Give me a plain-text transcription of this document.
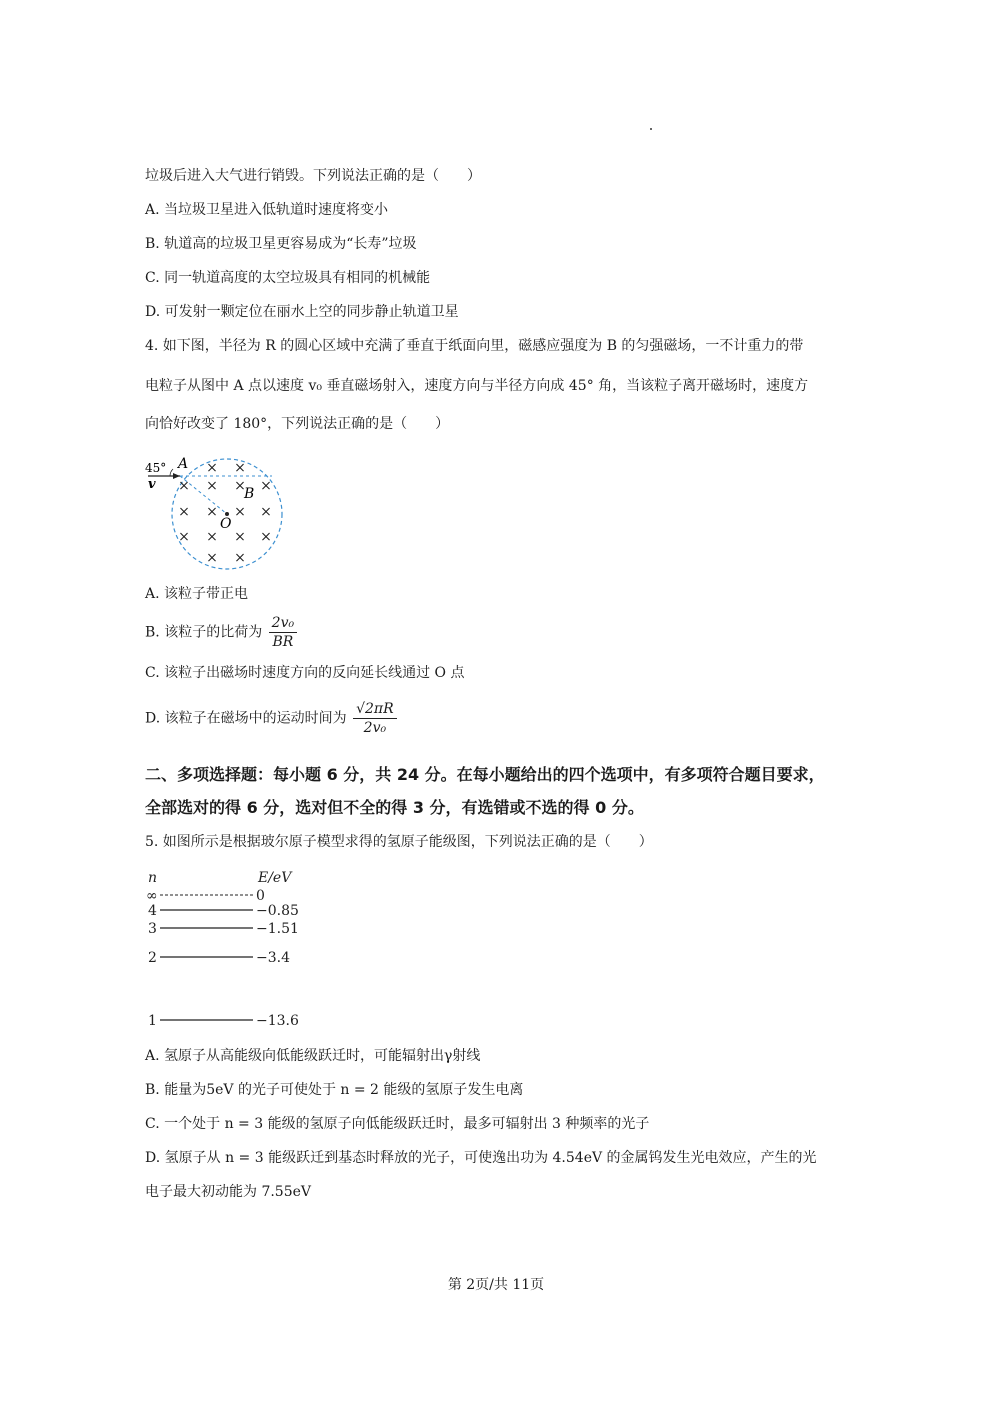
垃圾后进入大气进行销毁。下列说法正确的是（　　）
A. 当垃圾卫星进入低轨道时速度将变小
B. 轨道高的垃圾卫星更容易成为“长寿”垃圾
C. 同一轨道高度的太空垃圾具有相同的机械能
D. 可发射一颗定位在丽水上空的同步静止轨道卫星
4. 如下图，半径为 R 的圆心区域中充满了垂直于纸面向里，磁感应强度为 B 的匀强磁场，一不计重力的带
电粒子从图中 A 点以速度 v₀ 垂直磁场射入，速度方向与半径方向成 45° 角，当该粒子离开磁场时，速度方
向恰好改变了 180°，下列说法正确的是（　　）
× ×
× × × ×
× × × ×
× × × ×
× ×
45° A
B
O
v
A. 该粒子带正电
B. 该粒子的比荷为 $\frac{\text{2v₀}}{BR}$
C. 该粒子出磁场时速度方向的反向延长线通过 O 点
D. 该粒子在磁场中的运动时间为 $\frac{√2\pi R}{\text{2v₀}}$
二、多项选择题：每小题 6 分，共 24 分。在每小题给出的四个选项中，有多项符合题目要求，
全部选对的得 6 分，选对但不全的得 3 分，有选错或不选的得 0 分。
5. 如图所示是根据玻尔原子模型求得的氢原子能级图，下列说法正确的是（　　）
n	E/eV
∞	0
4	−0.85
3	−1.51
2	−3.4
1	−13.6
A. 氢原子从高能级向低能级跃迁时，可能辐射出γ射线
B. 能量为5eV 的光子可使处于 n = 2 能级的氢原子发生电离
C. 一个处于 n = 3 能级的氢原子向低能级跃迁时，最多可辐射出 3 种频率的光子
D. 氢原子从 n = 3 能级跃迁到基态时释放的光子，可使逸出功为 4.54eV 的金属钨发生光电效应，产生的光
电子最大初动能为 7.55eV
第 2页/共 11页
